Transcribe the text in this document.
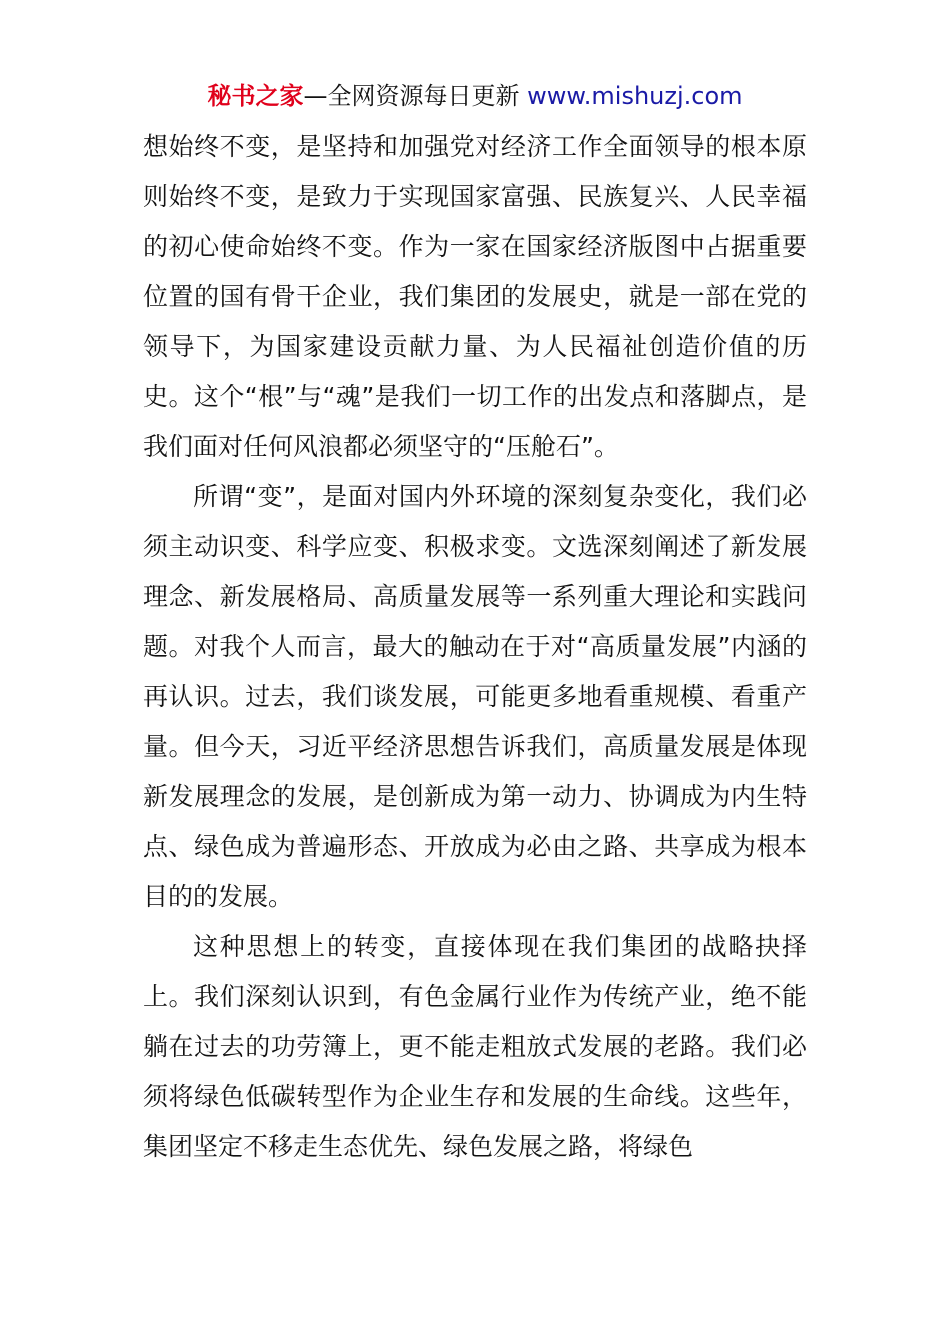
秘书之家—全网资源每日更新 www.mishuzj.com

想始终不变，是坚持和加强党对经济工作全面领导的根本原则始终不变，是致力于实现国家富强、民族复兴、人民幸福的初心使命始终不变。作为一家在国家经济版图中占据重要位置的国有骨干企业，我们集团的发展史，就是一部在党的领导下，为国家建设贡献力量、为人民福祉创造价值的历史。这个“根”与“魂”是我们一切工作的出发点和落脚点，是我们面对任何风浪都必须坚守的“压舱石”。

所谓“变”，是面对国内外环境的深刻复杂变化，我们必须主动识变、科学应变、积极求变。文选深刻阐述了新发展理念、新发展格局、高质量发展等一系列重大理论和实践问题。对我个人而言，最大的触动在于对“高质量发展”内涵的再认识。过去，我们谈发展，可能更多地看重规模、看重产量。但今天，习近平经济思想告诉我们，高质量发展是体现新发展理念的发展，是创新成为第一动力、协调成为内生特点、绿色成为普遍形态、开放成为必由之路、共享成为根本目的的发展。

这种思想上的转变，直接体现在我们集团的战略抉择上。我们深刻认识到，有色金属行业作为传统产业，绝不能躺在过去的功劳簿上，更不能走粗放式发展的老路。我们必须将绿色低碳转型作为企业生存和发展的生命线。这些年，集团坚定不移走生态优先、绿色发展之路，将绿色
